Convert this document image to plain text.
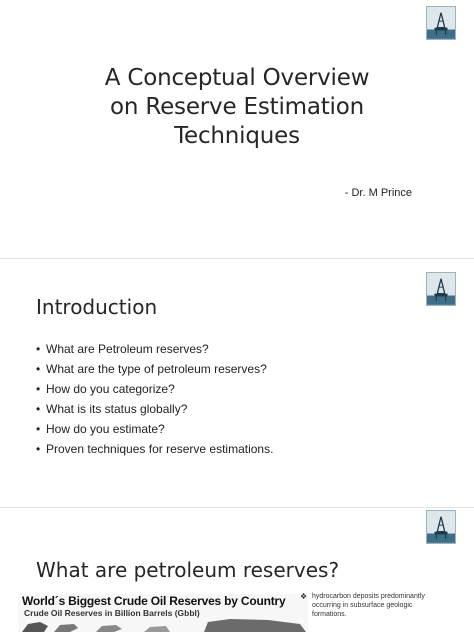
A Conceptual Overview
on Reserve Estimation
Techniques
- Dr. M Prince
Introduction
• What are Petroleum reserves?
• What are the type of petroleum reserves?
• How do you categorize?
• What is its status globally?
• How do you estimate?
• Proven techniques for reserve estimations.
What are petroleum reserves?
World´s Biggest Crude Oil Reserves by Country
Crude Oil Reserves in Billion Barrels (Gbbl)
❖ hydrocarbon deposits predominantly occurring in subsurface geologic formations.
